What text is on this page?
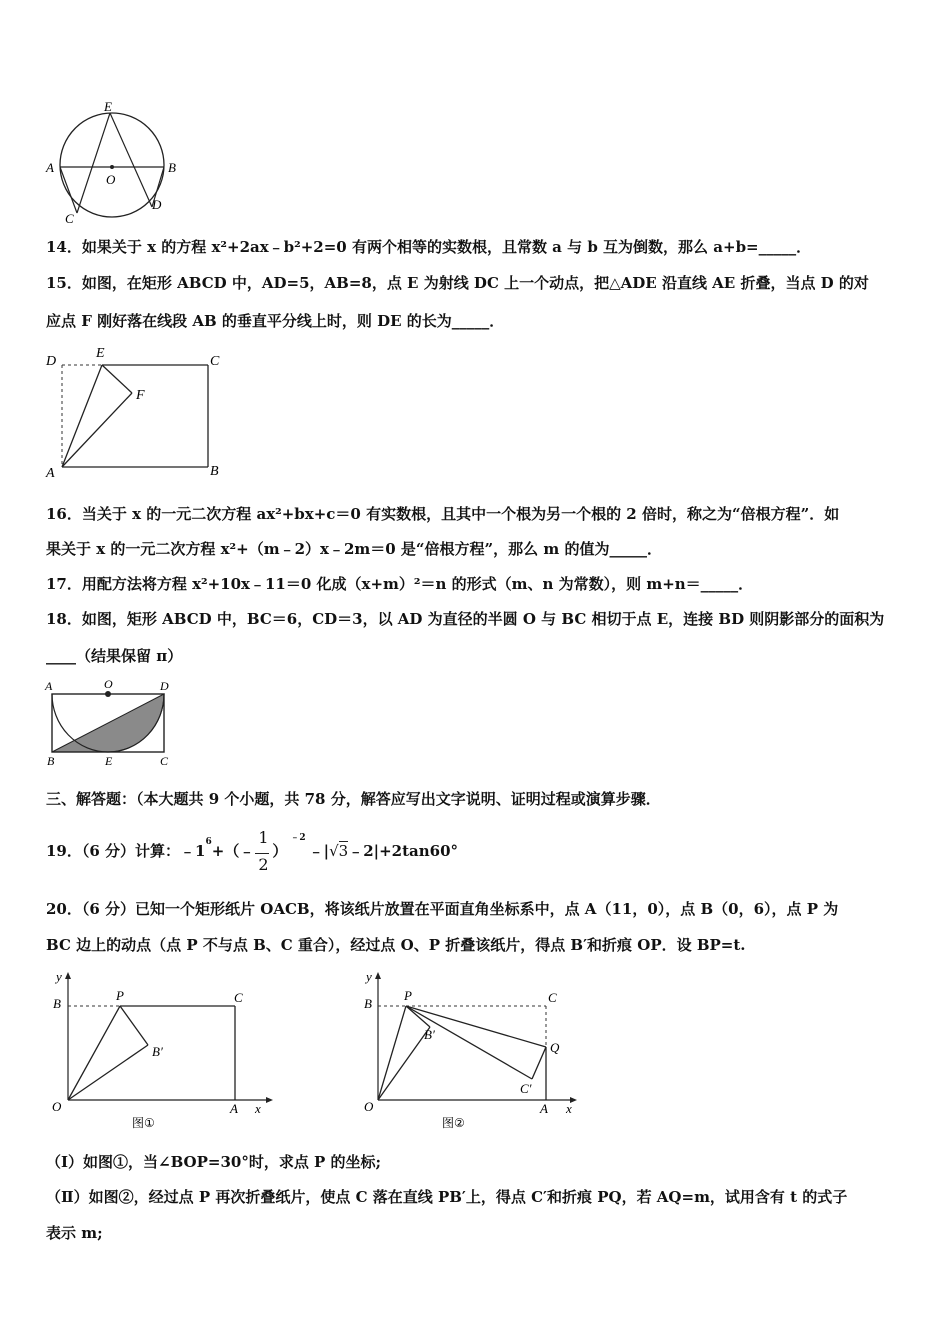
E
A	B
O
C
D
14．如果关于 x 的方程 x²+2ax﹣b²+2=0 有两个相等的实数根，且常数 a 与 b 互为倒数，那么 a+b=_____．
15．如图，在矩形 ABCD 中，AD=5，AB=8，点 E 为射线 DC 上一个动点，把△ADE 沿直线 AE 折叠，当点 D 的对
应点 F 刚好落在线段 AB 的垂直平分线上时，则 DE 的长为_____．
D
E
C
F
A	B
16．当关于 x 的一元二次方程 ax²+bx+c＝0 有实数根，且其中一个根为另一个根的 2 倍时，称之为“倍根方程”．如
果关于 x 的一元二次方程 x²+（m﹣2）x﹣2m＝0 是“倍根方程”，那么 m 的值为_____．
17．用配方法将方程 x²+10x﹣11＝0 化成（x+m）²＝n 的形式（m、n 为常数），则 m+n＝_____．
18．如图，矩形 ABCD 中，BC＝6，CD＝3，以 AD 为直径的半圆 O 与 BC 相切于点 E，连接 BD 则阴影部分的面积为
____（结果保留 π）
A	O	D
B	E	C
三、解答题：（本大题共 9 个小题，共 78 分，解答应写出文字说明、证明过程或演算步骤．
19．（6 分）计算：$﹣1^6+(﹣$
$\frac{1}{2}$
）$^{﹣2}$﹣|√3﹣2|+2tan60°
20．（6 分）已知一个矩形纸片 OACB，将该纸片放置在平面直角坐标系中，点 A（11，0），点 B（0，6），点 P 为
BC 边上的动点（点 P 不与点 B、C 重合），经过点 O、P 折叠该纸片，得点 B′和折痕 OP．设 BP=t.
y
B
P	C
B′
O	A x
图①
y
B
P	C
B′
Q
C′
O	A x
图②
（Ⅰ）如图①，当∠BOP=30°时，求点 P 的坐标;
（Ⅱ）如图②，经过点 P 再次折叠纸片，使点 C 落在直线 PB′上，得点 C′和折痕 PQ，若 AQ=m，试用含有 t 的式子
表示 m;
